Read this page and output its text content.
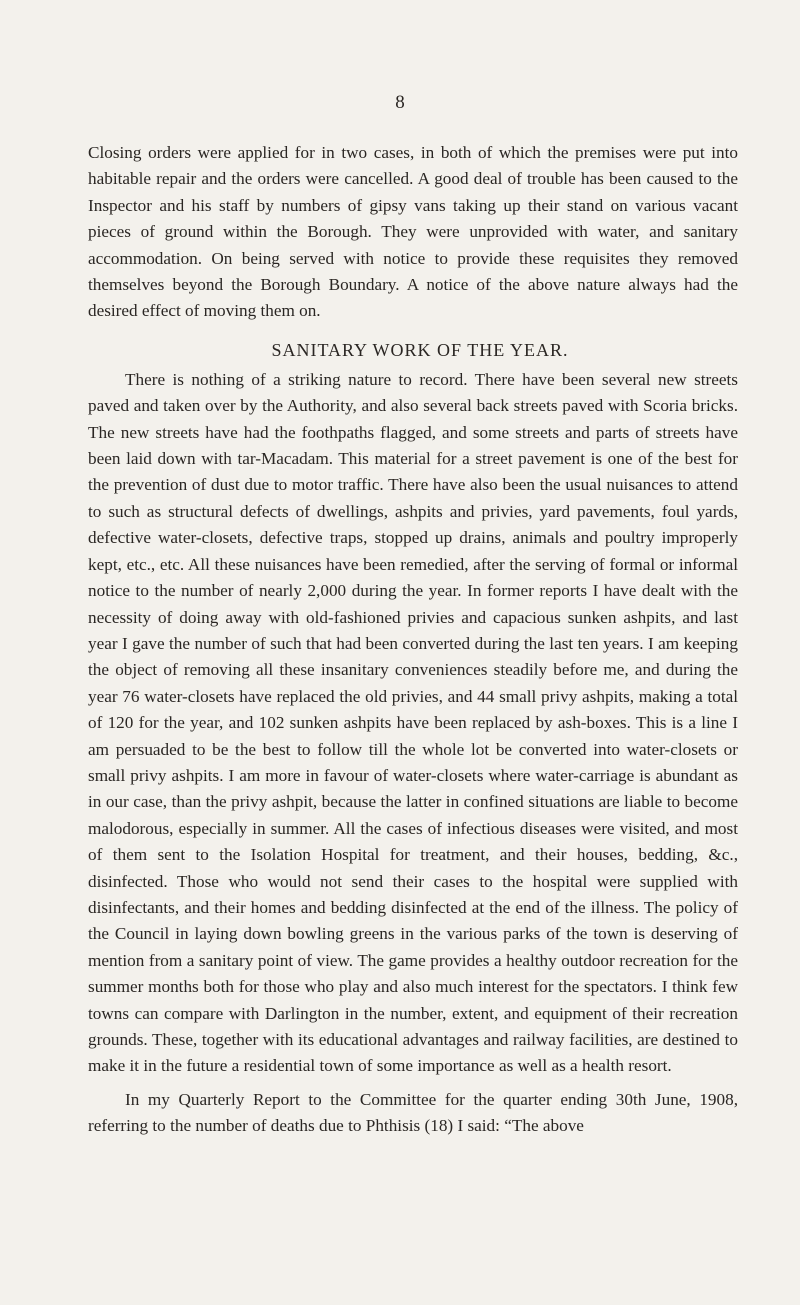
8

Closing orders were applied for in two cases, in both of which the premises were put into habitable repair and the orders were cancelled. A good deal of trouble has been caused to the Inspector and his staff by numbers of gipsy vans taking up their stand on various vacant pieces of ground within the Borough. They were unprovided with water, and sanitary accommodation. On being served with notice to provide these requisites they removed themselves beyond the Borough Boundary. A notice of the above nature always had the desired effect of moving them on.

SANITARY WORK OF THE YEAR.

There is nothing of a striking nature to record. There have been several new streets paved and taken over by the Authority, and also several back streets paved with Scoria bricks. The new streets have had the foothpaths flagged, and some streets and parts of streets have been laid down with tar-Macadam. This material for a street pavement is one of the best for the prevention of dust due to motor traffic. There have also been the usual nuisances to attend to such as structural defects of dwellings, ashpits and privies, yard pavements, foul yards, defective water-closets, defective traps, stopped up drains, animals and poultry improperly kept, etc., etc. All these nuisances have been remedied, after the serving of formal or informal notice to the number of nearly 2,000 during the year. In former reports I have dealt with the necessity of doing away with old-fashioned privies and capacious sunken ashpits, and last year I gave the number of such that had been converted during the last ten years. I am keeping the object of removing all these insanitary conveniences steadily before me, and during the year 76 water-closets have replaced the old privies, and 44 small privy ashpits, making a total of 120 for the year, and 102 sunken ashpits have been replaced by ash-boxes. This is a line I am persuaded to be the best to follow till the whole lot be converted into water-closets or small privy ashpits. I am more in favour of water-closets where water-carriage is abundant as in our case, than the privy ashpit, because the latter in confined situations are liable to become malodorous, especially in summer. All the cases of infectious diseases were visited, and most of them sent to the Isolation Hospital for treatment, and their houses, bedding, &c., disinfected. Those who would not send their cases to the hospital were supplied with disinfectants, and their homes and bedding disinfected at the end of the illness. The policy of the Council in laying down bowling greens in the various parks of the town is deserving of mention from a sanitary point of view. The game provides a healthy outdoor recreation for the summer months both for those who play and also much interest for the spectators. I think few towns can compare with Darlington in the number, extent, and equipment of their recreation grounds. These, together with its educational advantages and railway facilities, are destined to make it in the future a residential town of some importance as well as a health resort.

In my Quarterly Report to the Committee for the quarter ending 30th June, 1908, referring to the number of deaths due to Phthisis (18) I said: “The above
